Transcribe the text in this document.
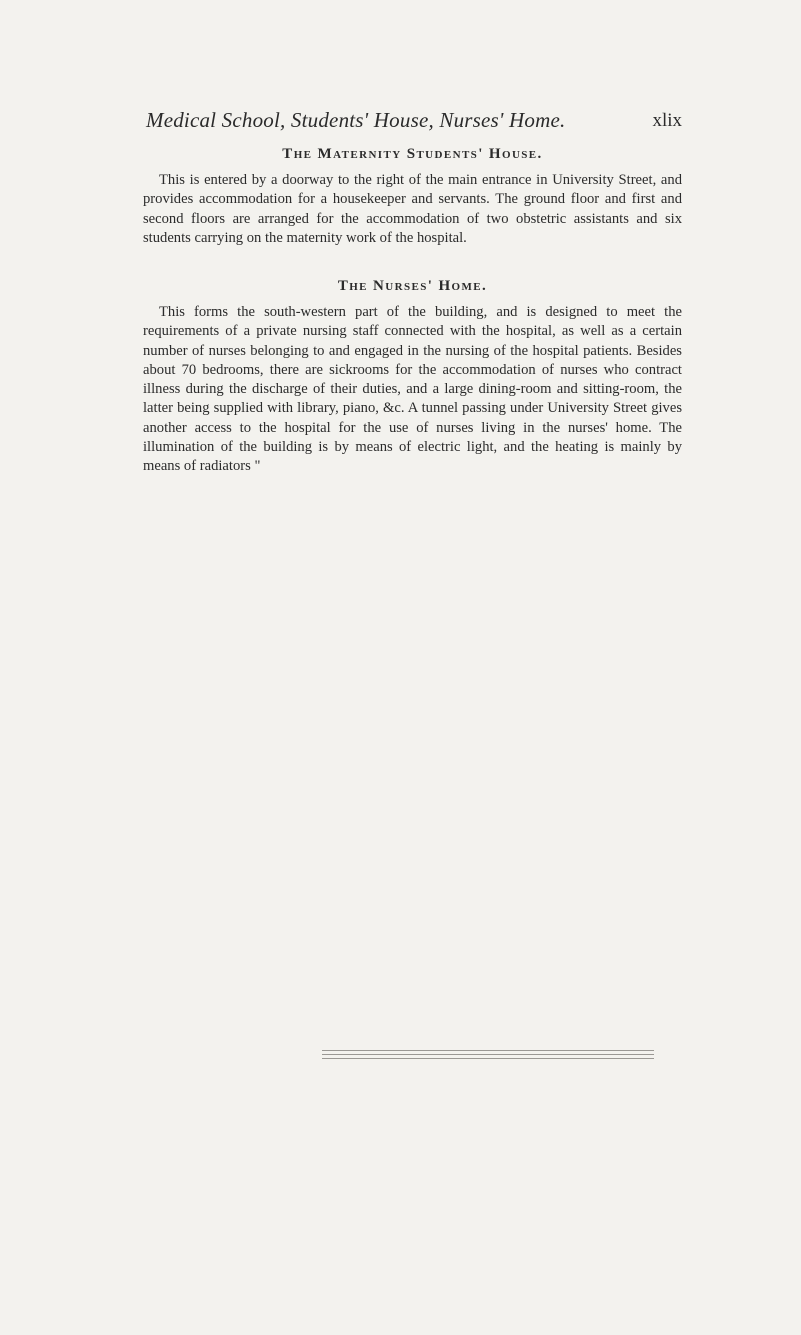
Medical School, Students' House, Nurses' Home.	xlix
The Maternity Students' House.

This is entered by a doorway to the right of the main entrance in University Street, and provides accommodation for a housekeeper and servants. The ground floor and first and second floors are arranged for the accommodation of two obstetric assistants and six students carrying on the maternity work of the hospital.

The Nurses' Home.

This forms the south-western part of the building, and is designed to meet the requirements of a private nursing staff connected with the hospital, as well as a certain number of nurses belonging to and engaged in the nursing of the hospital patients. Besides about 70 bedrooms, there are sickrooms for the accommodation of nurses who contract illness during the discharge of their duties, and a large dining-room and sitting-room, the latter being supplied with library, piano, &c. A tunnel passing under University Street gives another access to the hospital for the use of nurses living in the nurses' home. The illumination of the building is by means of electric light, and the heating is mainly by means of radiators "
